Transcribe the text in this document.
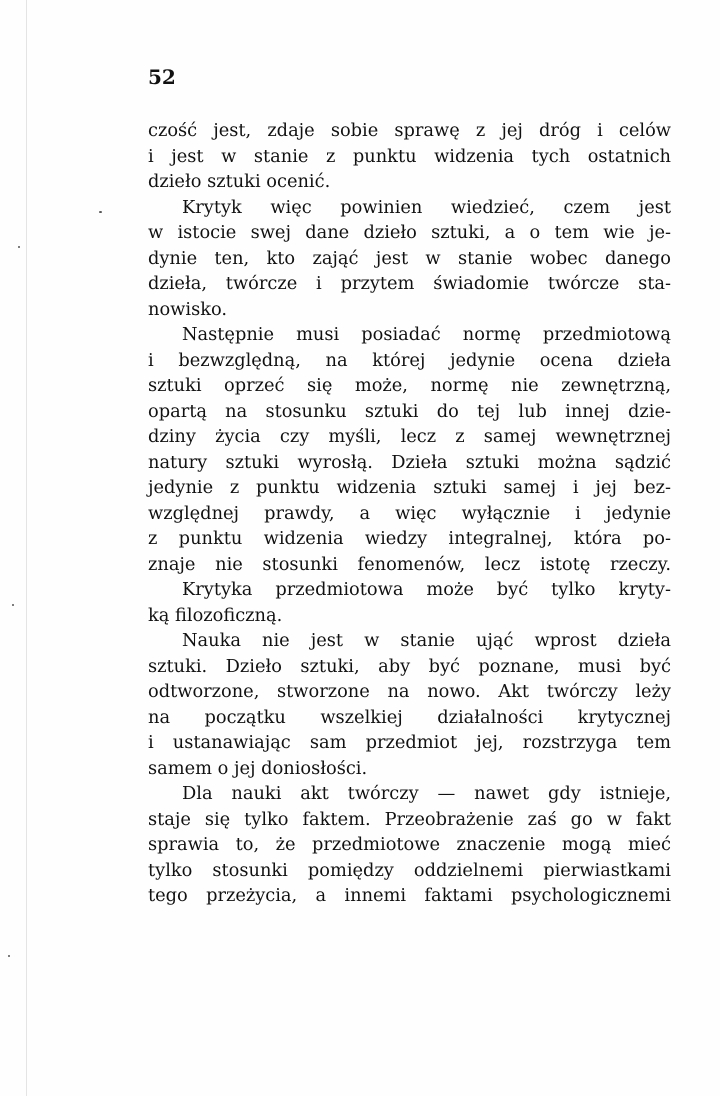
52
czość jest, zdaje sobie sprawę z jej dróg i celów
i jest w stanie z punktu widzenia tych ostatnich
dzieło sztuki ocenić.
Krytyk więc powinien wiedzieć, czem jest
w istocie swej dane dzieło sztuki, a o tem wie je-
dynie ten, kto zająć jest w stanie wobec danego
dzieła, twórcze i przytem świadomie twórcze sta-
nowisko.
Następnie musi posiadać normę przedmiotową
i bezwzględną, na której jedynie ocena dzieła
sztuki oprzeć się może, normę nie zewnętrzną,
opartą na stosunku sztuki do tej lub innej dzie-
dziny życia czy myśli, lecz z samej wewnętrznej
natury sztuki wyrosłą. Dzieła sztuki można sądzić
jedynie z punktu widzenia sztuki samej i jej bez-
względnej prawdy, a więc wyłącznie i jedynie
z punktu widzenia wiedzy integralnej, która po-
znaje nie stosunki fenomenów, lecz istotę rzeczy.
Krytyka przedmiotowa może być tylko kryty-
ką filozoficzną.
Nauka nie jest w stanie ująć wprost dzieła
sztuki. Dzieło sztuki, aby być poznane, musi być
odtworzone, stworzone na nowo. Akt twórczy leży
na początku wszelkiej działalności krytycznej
i ustanawiając sam przedmiot jej, rozstrzyga tem
samem o jej doniosłości.
Dla nauki akt twórczy — nawet gdy istnieje,
staje się tylko faktem. Przeobrażenie zaś go w fakt
sprawia to, że przedmiotowe znaczenie mogą mieć
tylko stosunki pomiędzy oddzielnemi pierwiastkami
tego przeżycia, a innemi faktami psychologicznemi
